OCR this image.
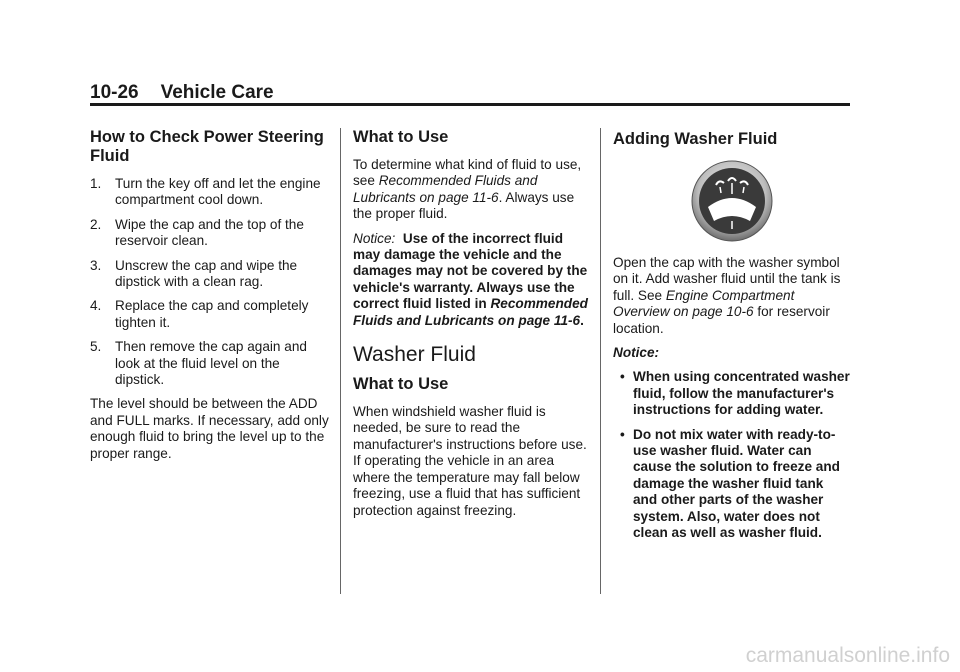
10-26 Vehicle Care
How to Check Power Steering Fluid
1. Turn the key off and let the engine compartment cool down.
2. Wipe the cap and the top of the reservoir clean.
3. Unscrew the cap and wipe the dipstick with a clean rag.
4. Replace the cap and completely tighten it.
5. Then remove the cap again and look at the fluid level on the dipstick.

The level should be between the ADD and FULL marks. If necessary, add only enough fluid to bring the level up to the proper range.

What to Use

To determine what kind of fluid to use, see Recommended Fluids and Lubricants on page 11-6. Always use the proper fluid.

Notice: Use of the incorrect fluid may damage the vehicle and the damages may not be covered by the vehicle's warranty. Always use the correct fluid listed in Recommended Fluids and Lubricants on page 11-6.

Washer Fluid
What to Use

When windshield washer fluid is needed, be sure to read the manufacturer's instructions before use. If operating the vehicle in an area where the temperature may fall below freezing, use a fluid that has sufficient protection against freezing.

Adding Washer Fluid

Open the cap with the washer symbol on it. Add washer fluid until the tank is full. See Engine Compartment Overview on page 10-6 for reservoir location.

Notice:

• When using concentrated washer fluid, follow the manufacturer's instructions for adding water.
• Do not mix water with ready-to-use washer fluid. Water can cause the solution to freeze and damage the washer fluid tank and other parts of the washer system. Also, water does not clean as well as washer fluid.
carmanualsonline.info
